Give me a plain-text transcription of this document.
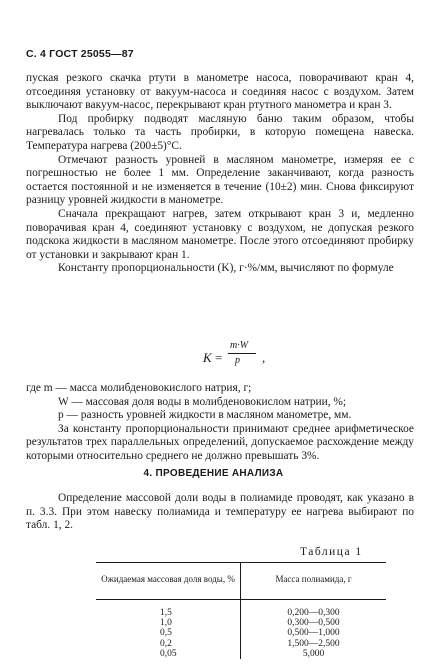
С. 4 ГОСТ 25055—87

пуская резкого скачка ртути в манометре насоса, поворачивают кран 4, отсоединяя установку от вакуум-насоса и соединяя насос с воздухом. Затем выключают вакуум-насос, перекрывают кран ртутного манометра и кран 3.

Под пробирку подводят масляную баню таким образом, чтобы нагревалась только та часть пробирки, в которую помещена навеска. Температура нагрева (200±5)°С.

Отмечают разность уровней в масляном манометре, измеряя ее с погрешностью не более 1 мм. Определение заканчивают, когда разность остается постоянной и не изменяется в течение (10±2) мин. Снова фиксируют разницу уровней жидкости в манометре.

Сначала прекращают нагрев, затем открывают кран 3 и, медленно поворачивая кран 4, соединяют установку с воздухом, не допуская резкого подскока жидкости в масляном манометре. После этого отсоединяют пробирку от установки и закрывают кран 1.

Константу пропорциональности (K), г·%/мм, вычисляют по формуле

K =
m·W
p ,

где m — масса молибденовокислого натрия, г;

W — массовая доля воды в молибденовокислом натрии, %;

p — разность уровней жидкости в масляном манометре, мм.

За константу пропорциональности принимают среднее арифметическое результатов трех параллельных определений, допускаемое расхождение между которыми относительно среднего не должно превышать 3%.

4. ПРОВЕДЕНИЕ АНАЛИЗА

Определение массовой доли воды в полиамиде проводят, как указано в п. 3.3. При этом навеску полиамида и температуру ее нагрева выбирают по табл. 1, 2.

Таблица 1
Ожидаемая массовая доля воды, %	Масса полиамида, г
1,5	0,200—0,300
1,0	0,300—0,500
0,5	0,500—1,000
0,2	1,500—2,500
0,05	5,000
